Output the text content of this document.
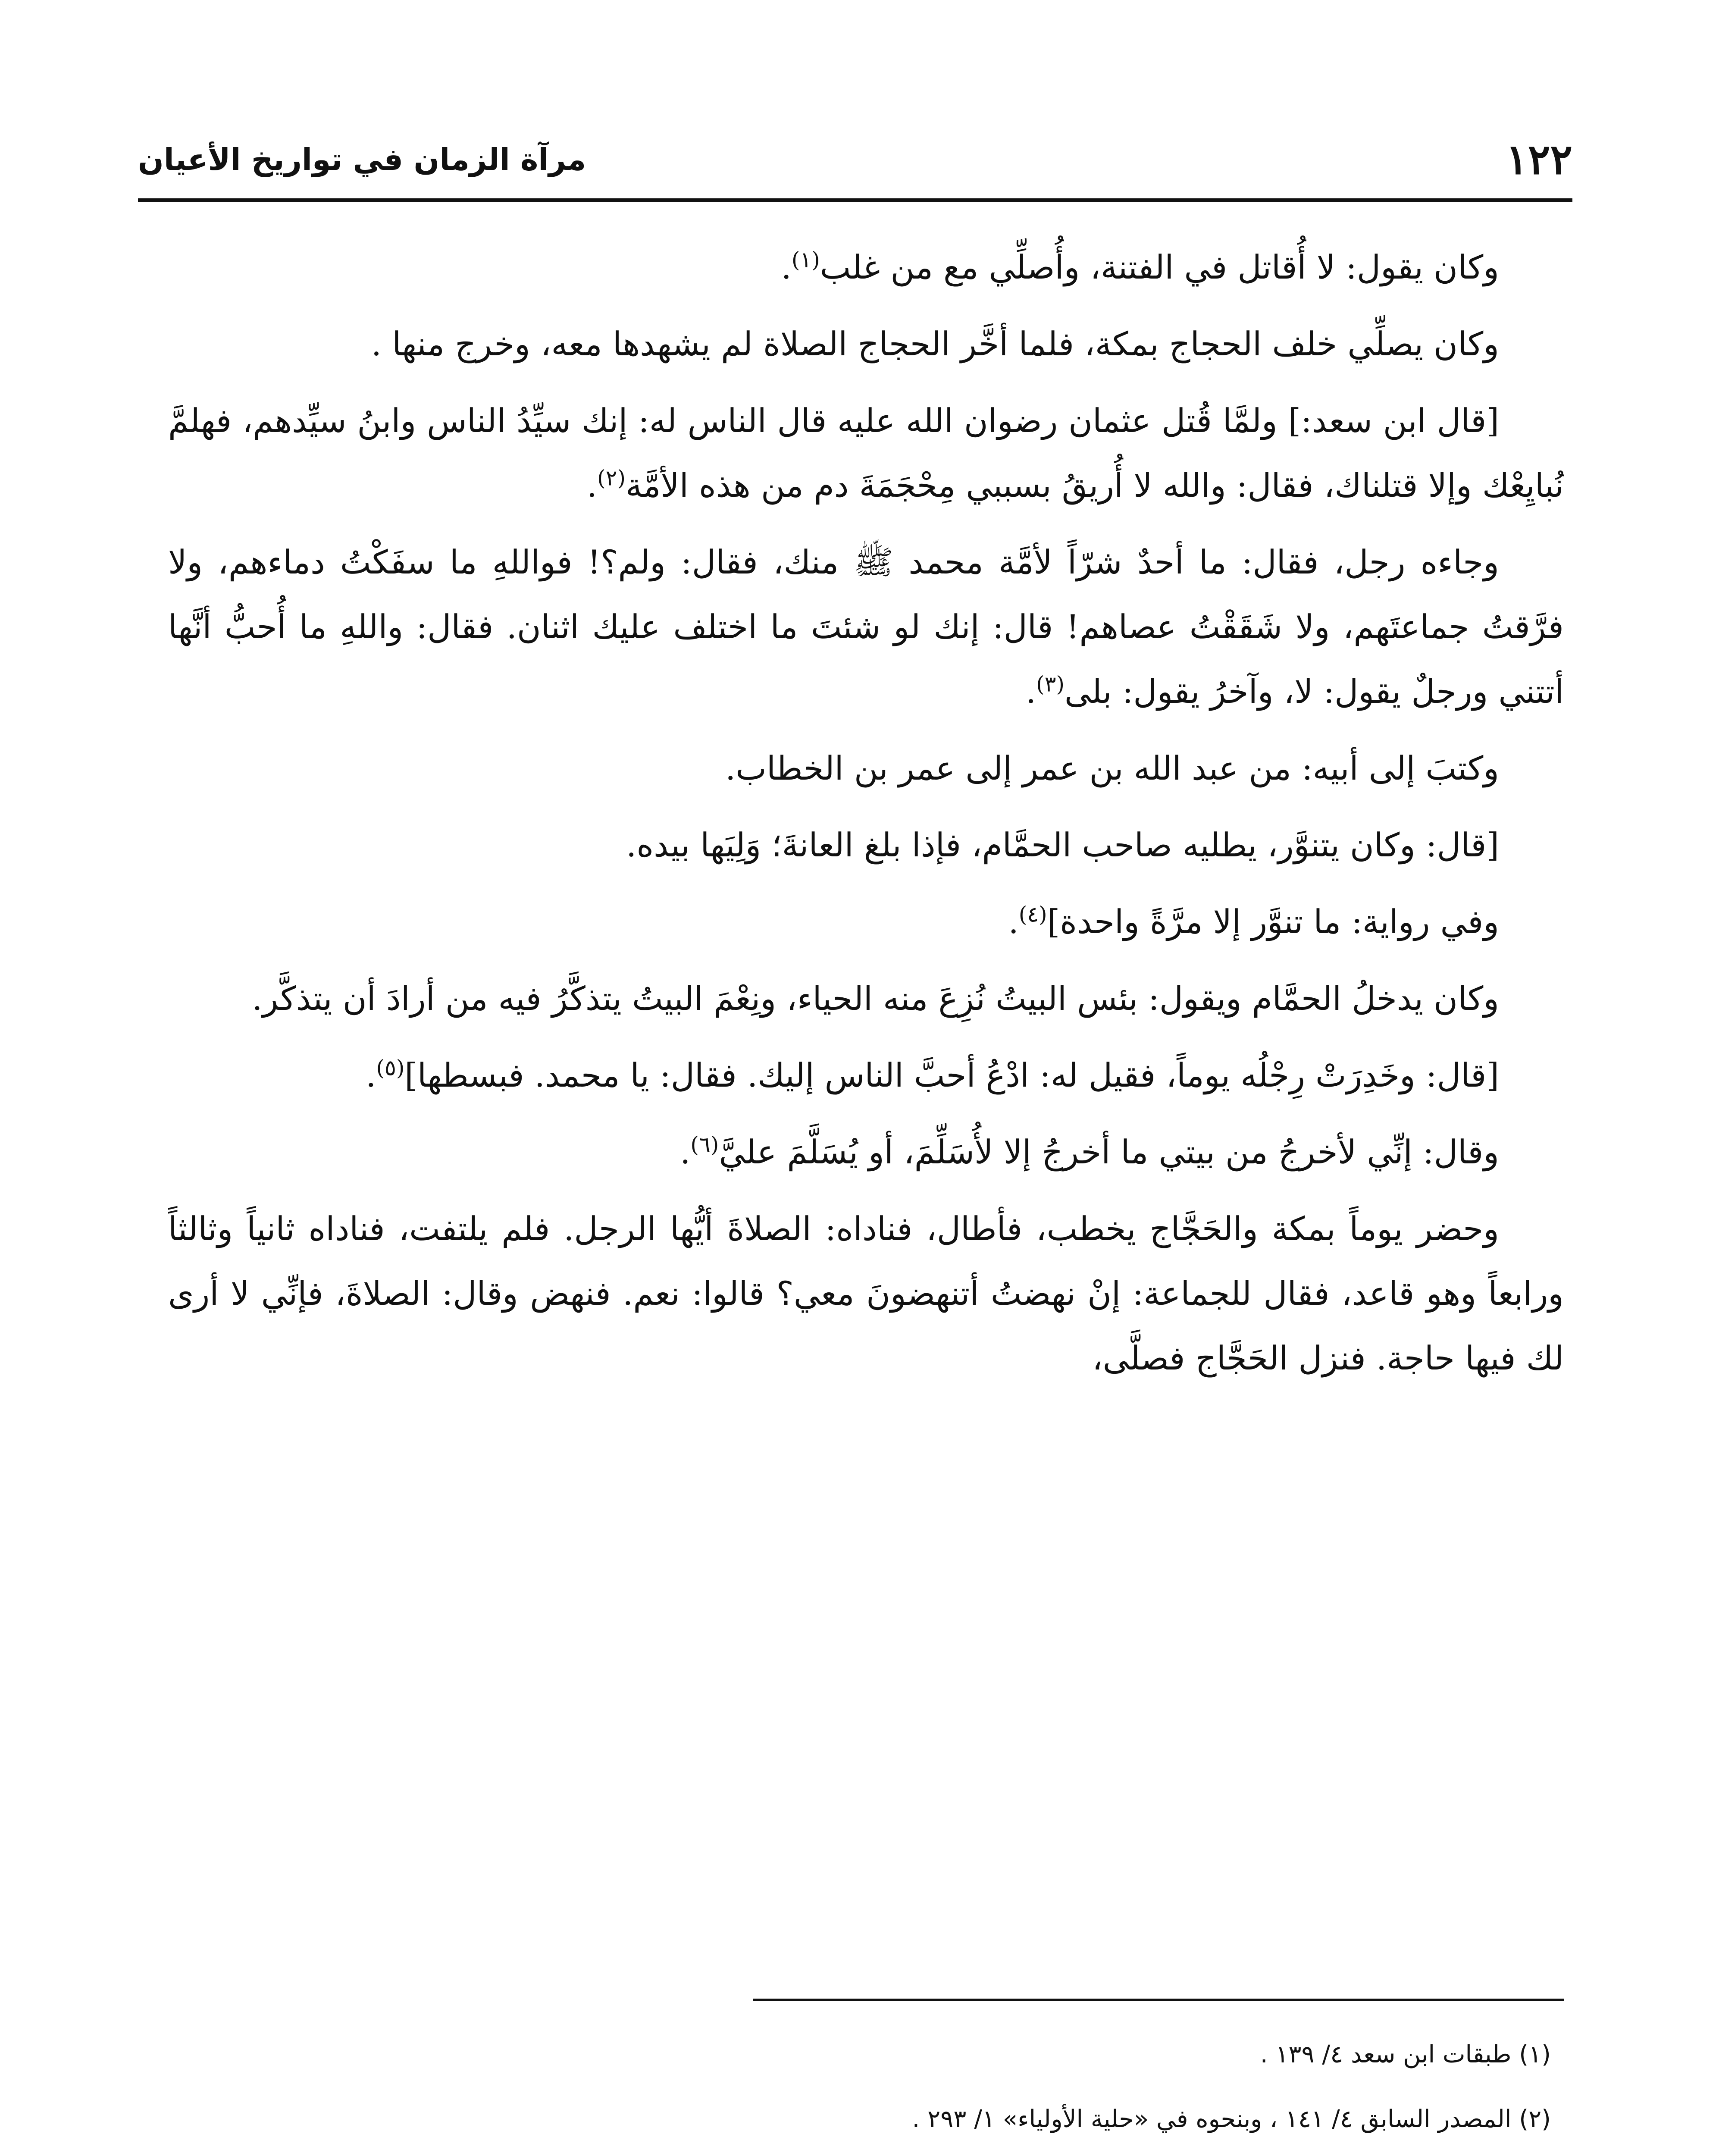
١٢٢
مرآة الزمان في تواريخ الأعيان

وكان يقول: لا أُقاتل في الفتنة، وأُصلِّي مع من غلب$^{(١)}$.

وكان يصلِّي خلف الحجاج بمكة، فلما أخَّر الحجاج الصلاة لم يشهدها معه، وخرج منها .

[قال ابن سعد:] ولمَّا قُتل عثمان رضوان الله عليه قال الناس له: إنك سيِّدُ الناس وابنُ سيِّدهم، فهلمَّ نُبايِعْك وإلا قتلناك، فقال: والله لا أُريقُ بسببي مِحْجَمَةَ دم من هذه الأمَّة$^{(٢)}$.

وجاءه رجل، فقال: ما أحدٌ شرّاً لأمَّة محمد ﷺ منك، فقال: ولم؟! فواللهِ ما سفَكْتُ دماءهم، ولا فرَّقتُ جماعتَهم، ولا شَقَقْتُ عصاهم! قال: إنك لو شئتَ ما اختلف عليك اثنان. فقال: واللهِ ما أُحبُّ أنَّها أتتني ورجلٌ يقول: لا، وآخرُ يقول: بلى$^{(٣)}$.

وكتبَ إلى أبيه: من عبد الله بن عمر إلى عمر بن الخطاب.

[قال: وكان يتنوَّر، يطليه صاحب الحمَّام، فإذا بلغ العانةَ؛ وَلِيَها بيده.

وفي رواية: ما تنوَّر إلا مرَّةً واحدة]$^{(٤)}$.

وكان يدخلُ الحمَّام ويقول: بئس البيتُ نُزِعَ منه الحياء، ونِعْمَ البيتُ يتذكَّرُ فيه من أرادَ أن يتذكَّر.

[قال: وخَدِرَتْ رِجْلُه يوماً، فقيل له: ادْعُ أحبَّ الناس إليك. فقال: يا محمد. فبسطها]$^{(٥)}$.

وقال: إنِّي لأخرجُ من بيتي ما أخرجُ إلا لأُسَلِّمَ، أو يُسَلَّمَ عليَّ$^{(٦)}$.

وحضر يوماً بمكة والحَجَّاج يخطب، فأطال، فناداه: الصلاةَ أيُّها الرجل. فلم يلتفت، فناداه ثانياً وثالثاً ورابعاً وهو قاعد، فقال للجماعة: إنْ نهضتُ أتنهضونَ معي؟ قالوا: نعم. فنهض وقال: الصلاةَ، فإنِّي لا أرى لك فيها حاجة. فنزل الحَجَّاج فصلَّى،

(١) طبقات ابن سعد ٤/ ١٣٩ .

(٢) المصدر السابق ٤/ ١٤١ ، وبنحوه في «حلية الأولياء» ١/ ٢٩٣ .
